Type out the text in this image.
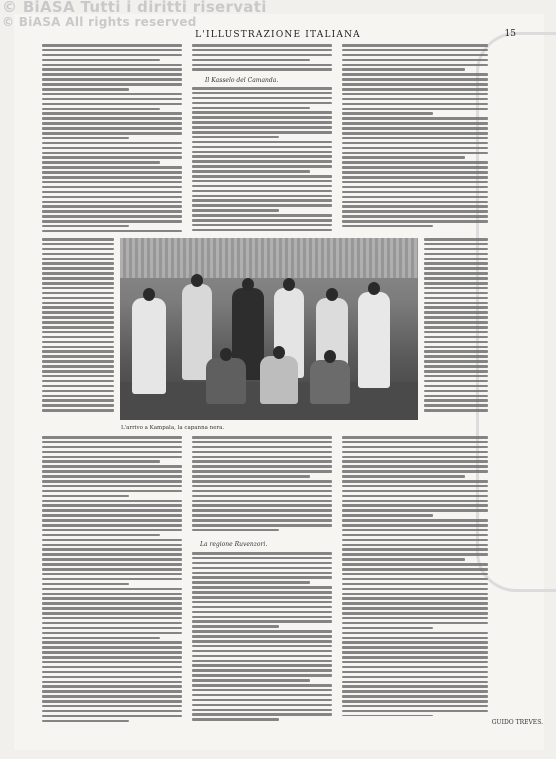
© BiASA Tutti i diritti riservati
© BiASA All rights reserved
L'ILLUSTRAZIONE ITALIANA	15
Il Kasselo del Camanda.
L'arrivo a Kampala, la capanna nera.
La regione Ruvenzori.
GUIDO TREVES.
